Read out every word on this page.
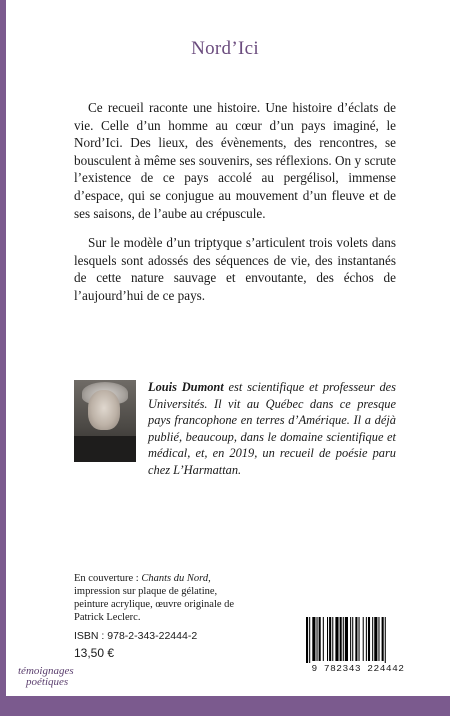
Nord’Ici

Ce recueil raconte une histoire. Une histoire d’éclats de vie. Celle d’un homme au cœur d’un pays imaginé, le Nord’Ici. Des lieux, des évènements, des rencontres, se bousculent à même ses souvenirs, ses réflexions. On y scrute l’existence de ce pays accolé au pergélisol, immense d’espace, qui se conjugue au mouvement d’un fleuve et de ses saisons, de l’aube au crépuscule.

Sur le modèle d’un triptyque s’articulent trois volets dans lesquels sont adossés des séquences de vie, des instantanés de cette nature sauvage et envoutante, des échos de l’aujourd’hui de ce pays.

Louis Dumont est scientifique et professeur des Universités. Il vit au Québec dans ce presque pays francophone en terres d’Amérique. Il a déjà publié, beaucoup, dans le domaine scientifique et médical, et, en 2019, un recueil de poésie paru chez L’Harmattan.

En couverture : Chants du Nord, impression sur plaque de gélatine, peinture acrylique, œuvre originale de Patrick Leclerc.

ISBN : 978-2-343-22444-2
13,50 €
9 782343 224442
témoignages
poétiques
